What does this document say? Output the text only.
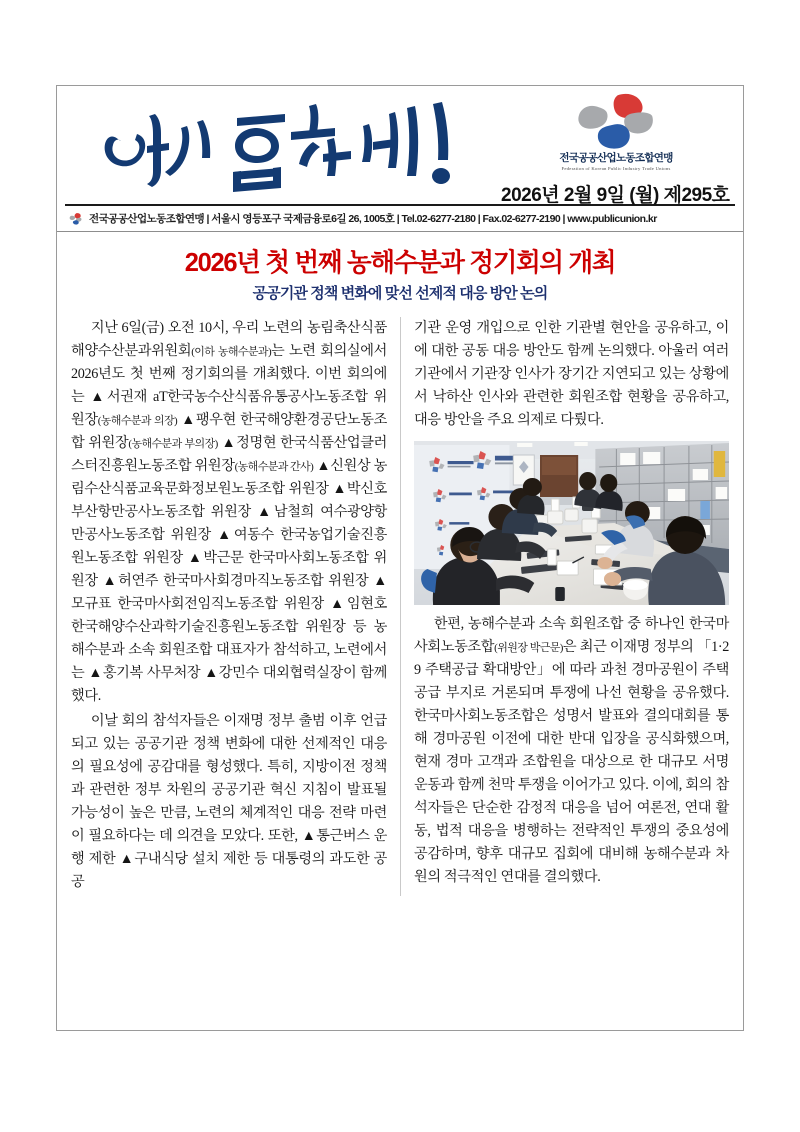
전국공공산업노동조합연맹
Federation of Korean Public Industry Trade Unions
2026년 2월 9일 (월) 제295호
전국공공산업노동조합연맹 | 서울시 영등포구 국제금융로6길 26, 1005호 | Tel.02-6277-2180 | Fax.02-6277-2190 | www.publicunion.kr
2026년 첫 번째 농해수분과 정기회의 개최
공공기관 정책 변화에 맞선 선제적 대응 방안 논의

지난 6일(금) 오전 10시, 우리 노련의 농림축산식품해양수산분과위원회(이하 농해수분과)는 노련 회의실에서 2026년도 첫 번째 정기회의를 개최했다. 이번 회의에는 ▲서권재 aT한국농수산식품유통공사노동조합 위원장(농해수분과 의장) ▲팽우현 한국해양환경공단노동조합 위원장(농해수분과 부의장) ▲정명현 한국식품산업클러스터진흥원노동조합 위원장(농해수분과 간사) ▲신원상 농림수산식품교육문화정보원노동조합 위원장 ▲박신호 부산항만공사노동조합 위원장 ▲남철희 여수광양항만공사노동조합 위원장 ▲여동수 한국농업기술진흥원노동조합 위원장 ▲박근문 한국마사회노동조합 위원장 ▲허연주 한국마사회경마직노동조합 위원장 ▲모규표 한국마사회전임직노동조합 위원장 ▲임현호 한국해양수산과학기술진흥원노동조합 위원장 등 농해수분과 소속 회원조합 대표자가 참석하고, 노련에서는 ▲홍기복 사무처장 ▲강민수 대외협력실장이 함께 했다.

이날 회의 참석자들은 이재명 정부 출범 이후 언급되고 있는 공공기관 정책 변화에 대한 선제적인 대응의 필요성에 공감대를 형성했다. 특히, 지방이전 정책과 관련한 정부 차원의 공공기관 혁신 지침이 발표될 가능성이 높은 만큼, 노련의 체계적인 대응 전략 마련이 필요하다는 데 의견을 모았다. 또한, ▲통근버스 운행 제한 ▲구내식당 설치 제한 등 대통령의 과도한 공공

기관 운영 개입으로 인한 기관별 현안을 공유하고, 이에 대한 공동 대응 방안도 함께 논의했다. 아울러 여러 기관에서 기관장 인사가 장기간 지연되고 있는 상황에서 낙하산 인사와 관련한 회원조합 현황을 공유하고, 대응 방안을 주요 의제로 다뤘다.

한편, 농해수분과 소속 회원조합 중 하나인 한국마사회노동조합(위원장 박근문)은 최근 이재명 정부의 「1·29 주택공급 확대방안」에 따라 과천 경마공원이 주택공급 부지로 거론되며 투쟁에 나선 현황을 공유했다. 한국마사회노동조합은 성명서 발표와 결의대회를 통해 경마공원 이전에 대한 반대 입장을 공식화했으며, 현재 경마 고객과 조합원을 대상으로 한 대규모 서명운동과 함께 천막 투쟁을 이어가고 있다. 이에, 회의 참석자들은 단순한 감정적 대응을 넘어 여론전, 연대 활동, 법적 대응을 병행하는 전략적인 투쟁의 중요성에 공감하며, 향후 대규모 집회에 대비해 농해수분과 차원의 적극적인 연대를 결의했다.
